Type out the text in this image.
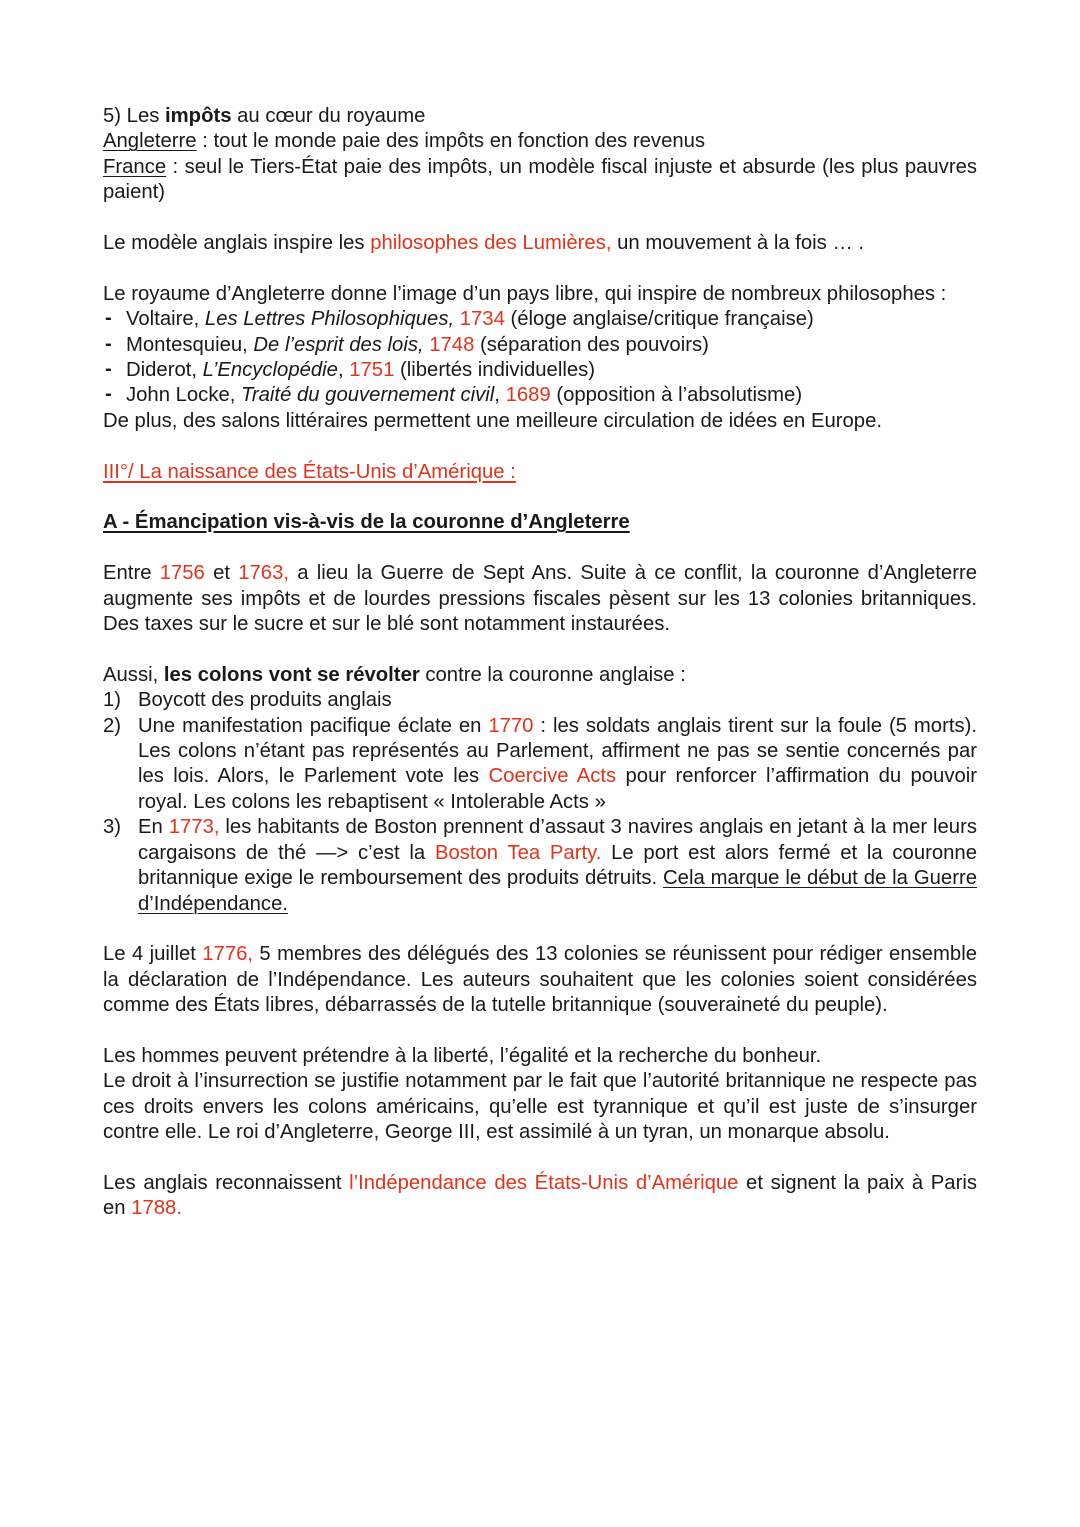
5) Les impôts au cœur du royaume

Angleterre : tout le monde paie des impôts en fonction des revenus

France : seul le Tiers-État paie des impôts, un modèle fiscal injuste et absurde (les plus pauvres paient)

Le modèle anglais inspire les philosophes des Lumières, un mouvement à la fois … .

Le royaume d’Angleterre donne l’image d’un pays libre, qui inspire de nombreux philosophes :

- Voltaire, Les Lettres Philosophiques, 1734 (éloge anglaise/critique française)
- Montesquieu, De l’esprit des lois, 1748 (séparation des pouvoirs)
- Diderot, L’Encyclopédie, 1751 (libertés individuelles)
- John Locke, Traité du gouvernement civil, 1689 (opposition à l’absolutisme)

De plus, des salons littéraires permettent une meilleure circulation de idées en Europe.

III°/ La naissance des États-Unis d’Amérique :

A - Émancipation vis-à-vis de la couronne d’Angleterre

Entre 1756 et 1763, a lieu la Guerre de Sept Ans. Suite à ce conflit, la couronne d’Angleterre augmente ses impôts et de lourdes pressions fiscales pèsent sur les 13 colonies britanniques. Des taxes sur le sucre et sur le blé sont notamment instaurées.

Aussi, les colons vont se révolter contre la couronne anglaise :

1) Boycott des produits anglais
2) Une manifestation pacifique éclate en 1770 : les soldats anglais tirent sur la foule (5 morts). Les colons n’étant pas représentés au Parlement, affirment ne pas se sentie concernés par les lois. Alors, le Parlement vote les Coercive Acts pour renforcer l’affirmation du pouvoir royal. Les colons les rebaptisent « Intolerable Acts »
3) En 1773, les habitants de Boston prennent d’assaut 3 navires anglais en jetant à la mer leurs cargaisons de thé —> c’est la Boston Tea Party. Le port est alors fermé et la couronne britannique exige le remboursement des produits détruits. Cela marque le début de la Guerre d’Indépendance.

Le 4 juillet 1776, 5 membres des délégués des 13 colonies se réunissent pour rédiger ensemble la déclaration de l’Indépendance. Les auteurs souhaitent que les colonies soient considérées comme des États libres, débarrassés de la tutelle britannique (souveraineté du peuple).

Les hommes peuvent prétendre à la liberté, l’égalité et la recherche du bonheur.

Le droit à l’insurrection se justifie notamment par le fait que l’autorité britannique ne respecte pas ces droits envers les colons américains, qu’elle est tyrannique et qu’il est juste de s’insurger contre elle. Le roi d’Angleterre, George III, est assimilé à un tyran, un monarque absolu.

Les anglais reconnaissent l’Indépendance des États-Unis d’Amérique et signent la paix à Paris en 1788.
